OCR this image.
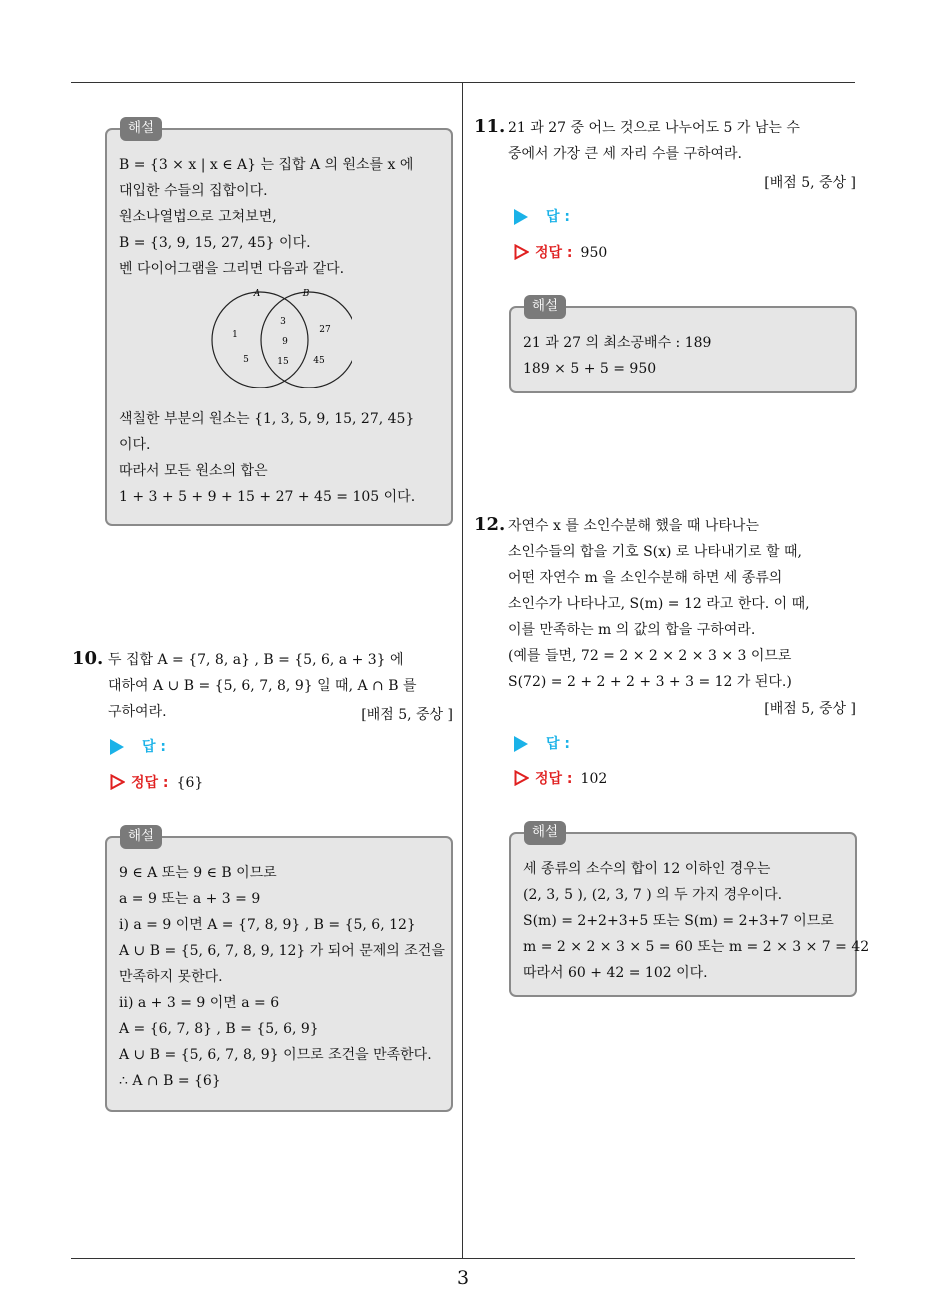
해설
B = {3 × x | x ∈ A} 는 집합 A 의 원소를 x 에
대입한 수들의 집합이다.
원소나열법으로 고쳐보면,
B = {3, 9, 15, 27, 45} 이다.
벤 다이어그램을 그리면 다음과 같다.
A	B
1
5
3
9
15
27
45
색칠한 부분의 원소는 {1, 3, 5, 9, 15, 27, 45}
이다.
따라서 모든 원소의 합은
1 + 3 + 5 + 9 + 15 + 27 + 45 = 105 이다.
10. 두 집합 A = {7, 8, a} , B = {5, 6, a + 3} 에
대하여 A ∪ B = {5, 6, 7, 8, 9} 일 때, A ∩ B 를
구하여라.	[배점 5, 중상 ]
답 :
정답 : {6}
해설
9 ∈ A 또는 9 ∈ B 이므로
a = 9 또는 a + 3 = 9
i) a = 9 이면 A = {7, 8, 9} , B = {5, 6, 12}
A ∪ B = {5, 6, 7, 8, 9, 12} 가 되어 문제의 조건을
만족하지 못한다.
ii) a + 3 = 9 이면 a = 6
A = {6, 7, 8} , B = {5, 6, 9}
A ∪ B = {5, 6, 7, 8, 9} 이므로 조건을 만족한다.
∴ A ∩ B = {6}
11. 21 과 27 중 어느 것으로 나누어도 5 가 남는 수
중에서 가장 큰 세 자리 수를 구하여라.
[배점 5, 중상 ]
답 :
정답 : 950
해설
21 과 27 의 최소공배수 : 189
189 × 5 + 5 = 950
12. 자연수 x 를 소인수분해 했을 때 나타나는
소인수들의 합을 기호 S(x) 로 나타내기로 할 때,
어떤 자연수 m 을 소인수분해 하면 세 종류의
소인수가 나타나고, S(m) = 12 라고 한다. 이 때,
이를 만족하는 m 의 값의 합을 구하여라.
(예를 들면, 72 = 2 × 2 × 2 × 3 × 3 이므로
S(72) = 2 + 2 + 2 + 3 + 3 = 12 가 된다.)
[배점 5, 중상 ]
답 :
정답 : 102
해설
세 종류의 소수의 합이 12 이하인 경우는
(2, 3, 5 ), (2, 3, 7 ) 의 두 가지 경우이다.
S(m) = 2+2+3+5 또는 S(m) = 2+3+7 이므로
m = 2 × 2 × 3 × 5 = 60 또는 m = 2 × 3 × 7 = 42
따라서 60 + 42 = 102 이다.
3
